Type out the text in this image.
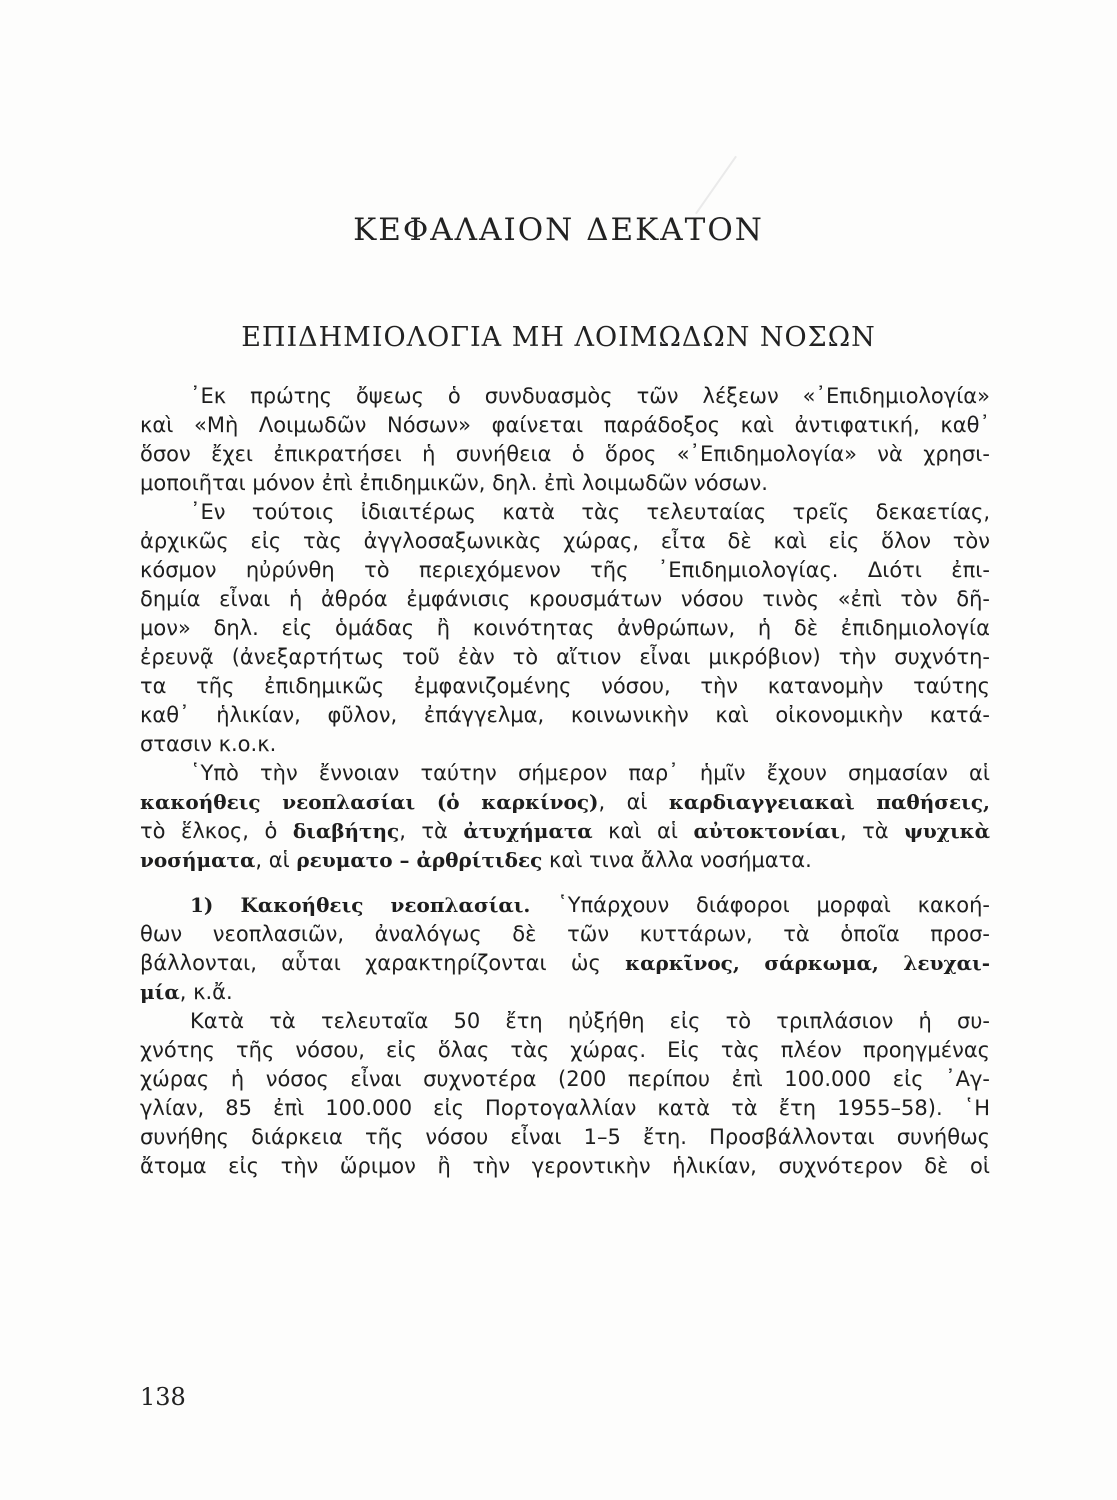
ΚΕΦΑΛΑΙΟΝ ΔΕΚΑΤΟΝ
ΕΠΙΔΗΜΙΟΛΟΓΙΑ ΜΗ ΛΟΙΜΩΔΩΝ ΝΟΣΩΝ
᾿Εκ πρώτης ὄψεως ὁ συνδυασμὸς τῶν λέξεων «᾿Επιδημιολογία»
καὶ «Μὴ Λοιμωδῶν Νόσων» φαίνεται παράδοξος καὶ ἀντιφατική, καθ᾿
ὅσον ἔχει ἐπικρατήσει ἡ συνήθεια ὁ ὅρος «᾿Επιδημολογία» νὰ χρησι-
μοποιῆται μόνον ἐπὶ ἐπιδημικῶν, δηλ. ἐπὶ λοιμωδῶν νόσων.
᾿Εν τούτοις ἰδιαιτέρως κατὰ τὰς τελευταίας τρεῖς δεκαετίας,
ἀρχικῶς εἰς τὰς ἀγγλοσαξωνικὰς χώρας, εἶτα δὲ καὶ εἰς ὅλον τὸν
κόσμον ηὐρύνθη τὸ περιεχόμενον τῆς ᾿Επιδημιολογίας. Διότι ἐπι-
δημία εἶναι ἡ ἀθρόα ἐμφάνισις κρουσμάτων νόσου τινὸς «ἐπὶ τὸν δῆ-
μον» δηλ. εἰς ὁμάδας ἢ κοινότητας ἀνθρώπων, ἡ δὲ ἐπιδημιολογία
ἐρευνᾷ (ἀνεξαρτήτως τοῦ ἐὰν τὸ αἴτιον εἶναι μικρόβιον) τὴν συχνότη-
τα τῆς ἐπιδημικῶς ἐμφανιζομένης νόσου, τὴν κατανομὴν ταύτης
καθ᾿ ἡλικίαν, φῦλον, ἐπάγγελμα, κοινωνικὴν καὶ οἰκονομικὴν κατά-
στασιν κ.ο.κ.
῾Υπὸ τὴν ἔννοιαν ταύτην σήμερον παρ᾿ ἡμῖν ἔχουν σημασίαν αἱ
κακοήθεις νεοπλασίαι (ὁ καρκίνος), αἱ καρδιαγγειακαὶ παθήσεις,
τὸ ἕλκος, ὁ διαβήτης, τὰ ἀτυχήματα καὶ αἱ αὐτοκτονίαι, τὰ ψυχικὰ
νοσήματα, αἱ ρευματο – ἀρθρίτιδες καὶ τινα ἄλλα νοσήματα.
1) Κακοήθεις νεοπλασίαι. ῾Υπάρχουν διάφοροι μορφαὶ κακοή-
θων νεοπλασιῶν, ἀναλόγως δὲ τῶν κυττάρων, τὰ ὁποῖα προσ-
βάλλονται, αὗται χαρακτηρίζονται ὡς καρκῖνος, σάρκωμα, λευχαι-
μία, κ.ἄ.
Κατὰ τὰ τελευταῖα 50 ἔτη ηὐξήθη εἰς τὸ τριπλάσιον ἡ συ-
χνότης τῆς νόσου, εἰς ὅλας τὰς χώρας. Εἰς τὰς πλέον προηγμένας
χώρας ἡ νόσος εἶναι συχνοτέρα (200 περίπου ἐπὶ 100.000 εἰς ᾿Αγ-
γλίαν, 85 ἐπὶ 100.000 εἰς Πορτογαλλίαν κατὰ τὰ ἔτη 1955–58). ῾Η
συνήθης διάρκεια τῆς νόσου εἶναι 1–5 ἔτη. Προσβάλλονται συνήθως
ἄτομα εἰς τὴν ὥριμον ἢ τὴν γεροντικὴν ἡλικίαν, συχνότερον δὲ οἱ
138
